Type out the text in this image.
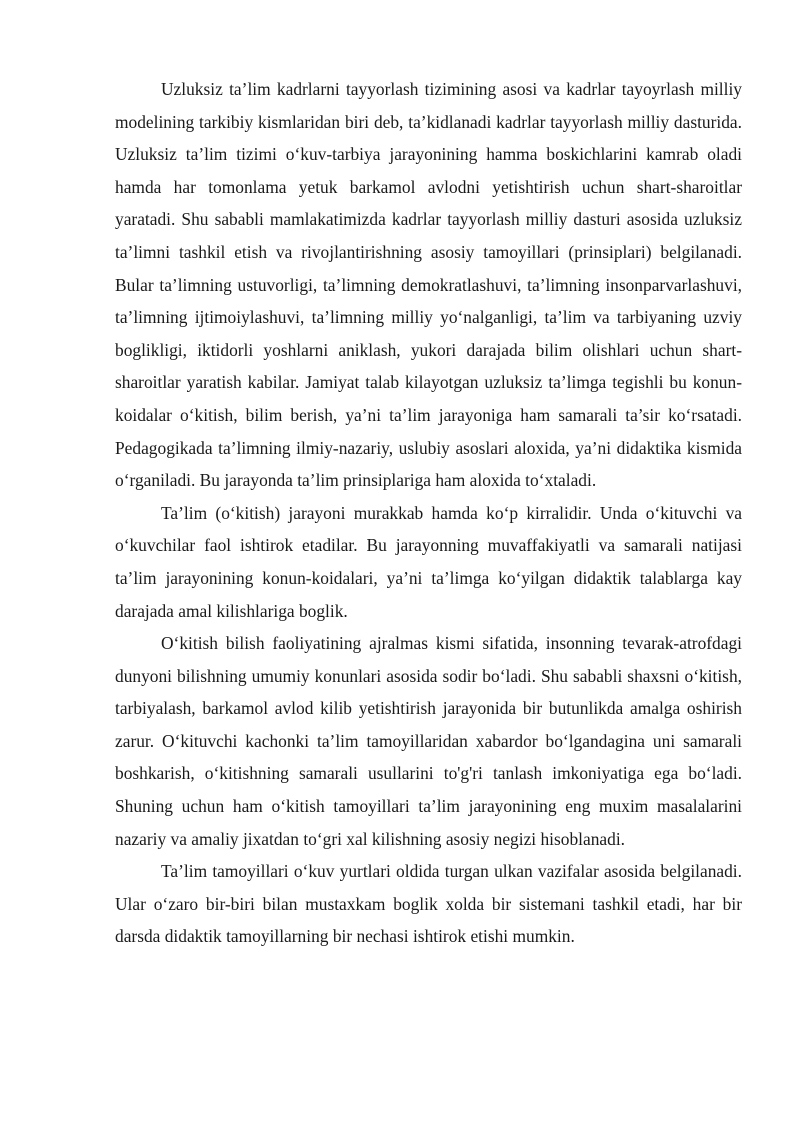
Uzluksiz ta’lim kadrlarni tayyorlash tizimining asosi va kadrlar tayoyrlash milliy modelining tarkibiy kismlaridan biri deb, ta’kidlanadi kadrlar tayyorlash milliy dasturida. Uzluksiz ta’lim tizimi o‘kuv-tarbiya jarayonining hamma boskichlarini kamrab oladi hamda har tomonlama yetuk barkamol avlodni yetishtirish uchun shart-sharoitlar yaratadi. Shu sababli mamlakatimizda kadrlar tayyorlash milliy dasturi asosida uzluksiz ta’limni tashkil etish va rivojlantirishning asosiy tamoyillari (prinsiplari) belgilanadi. Bular ta’limning ustuvorligi, ta’limning demokratlashuvi, ta’limning insonparvarlashuvi, ta’limning ijtimoiylashuvi, ta’limning milliy yo‘nalganligi, ta’lim va tarbiyaning uzviy boglikligi, iktidorli yoshlarni aniklash, yukori darajada bilim olishlari uchun shart-sharoitlar yaratish kabilar. Jamiyat talab kilayotgan uzluksiz ta’limga tegishli bu konun-koidalar o‘kitish, bilim berish, ya’ni ta’lim jarayoniga ham samarali ta’sir ko‘rsatadi. Pedagogikada ta’limning ilmiy-nazariy, uslubiy asoslari aloxida, ya’ni didaktika kismida o‘rganiladi. Bu jarayonda ta’lim prinsiplariga ham aloxida to‘xtaladi.

Ta’lim (o‘kitish) jarayoni murakkab hamda ko‘p kirralidir. Unda o‘kituvchi va o‘kuvchilar faol ishtirok etadilar. Bu jarayonning muvaffakiyatli va samarali natijasi ta’lim jarayonining konun-koidalari, ya’ni ta’limga ko‘yilgan didaktik talablarga kay darajada amal kilishlariga boglik.

O‘kitish bilish faoliyatining ajralmas kismi sifatida, insonning tevarak-atrofdagi dunyoni bilishning umumiy konunlari asosida sodir bo‘ladi. Shu sababli shaxsni o‘kitish, tarbiyalash, barkamol avlod kilib yetishtirish jarayonida bir butunlikda amalga oshirish zarur. O‘kituvchi kachonki ta’lim tamoyillaridan xabardor bo‘lgandagina uni samarali boshkarish, o‘kitishning samarali usullarini to'g'ri tanlash imkoniyatiga ega bo‘ladi. Shuning uchun ham o‘kitish tamoyillari ta’lim jarayonining eng muxim masalalarini nazariy va amaliy jixatdan to‘gri xal kilishning asosiy negizi hisoblanadi.

Ta’lim tamoyillari o‘kuv yurtlari oldida turgan ulkan vazifalar asosida belgilanadi. Ular o‘zaro bir-biri bilan mustaxkam boglik xolda bir sistemani tashkil etadi, har bir darsda didaktik tamoyillarning bir nechasi ishtirok etishi mumkin.
